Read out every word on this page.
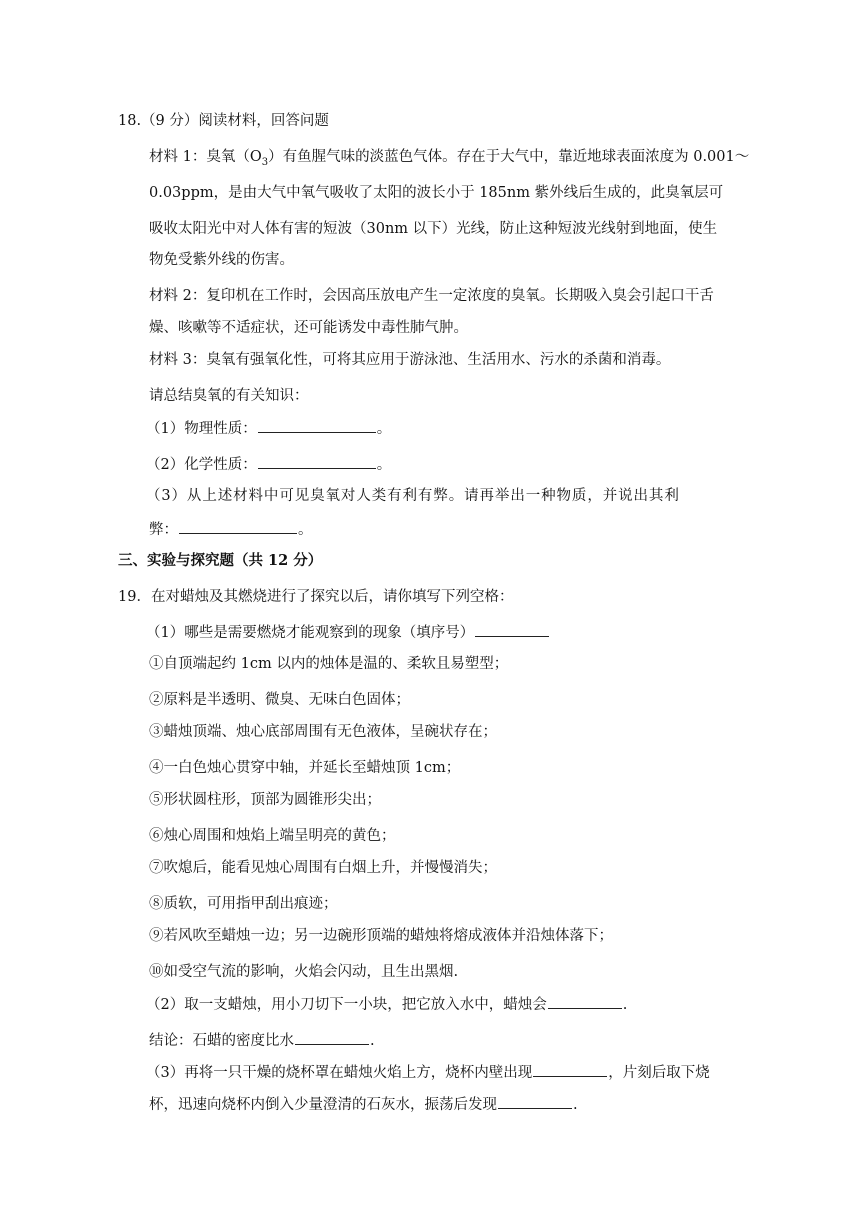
18.（9 分）阅读材料，回答问题
材料 1：臭氧$(O_3)$有鱼腥气味的淡蓝色气体。存在于大气中，靠近地球表面浓度为 0.001～
0.03ppm，是由大气中氧气吸收了太阳的波长小于 185nm 紫外线后生成的，此臭氧层可
吸收太阳光中对人体有害的短波（30nm 以下）光线，防止这种短波光线射到地面，使生
物免受紫外线的伤害。
材料 2：复印机在工作时，会因高压放电产生一定浓度的臭氧。长期吸入臭会引起口干舌
燥、咳嗽等不适症状，还可能诱发中毒性肺气肿。
材料 3：臭氧有强氧化性，可将其应用于游泳池、生活用水、污水的杀菌和消毒。
请总结臭氧的有关知识：
（1）物理性质：	。
（2）化学性质：	。
（3）从上述材料中可见臭氧对人类有利有弊。请再举出一种物质，并说出其利
弊：	。
三、实验与探究题（共 12 分）
19．在对蜡烛及其燃烧进行了探究以后，请你填写下列空格：
（1）哪些是需要燃烧才能观察到的现象（填序号）
①自顶端起约 1cm 以内的烛体是温的、柔软且易塑型；
②原料是半透明、微臭、无味白色固体；
③蜡烛顶端、烛心底部周围有无色液体，呈碗状存在；
④一白色烛心贯穿中轴，并延长至蜡烛顶 1cm；
⑤形状圆柱形，顶部为圆锥形尖出；
⑥烛心周围和烛焰上端呈明亮的黄色；
⑦吹熄后，能看见烛心周围有白烟上升，并慢慢消失；
⑧质软，可用指甲刮出痕迹；
⑨若风吹至蜡烛一边；另一边碗形顶端的蜡烛将熔成液体并沿烛体落下；
⑩如受空气流的影响，火焰会闪动，且生出黑烟.
（2）取一支蜡烛，用小刀切下一小块，把它放入水中，蜡烛会	.
结论：石蜡的密度比水	.
（3）再将一只干燥的烧杯罩在蜡烛火焰上方，烧杯内壁出现	，片刻后取下烧
杯，迅速向烧杯内倒入少量澄清的石灰水，振荡后发现	.
